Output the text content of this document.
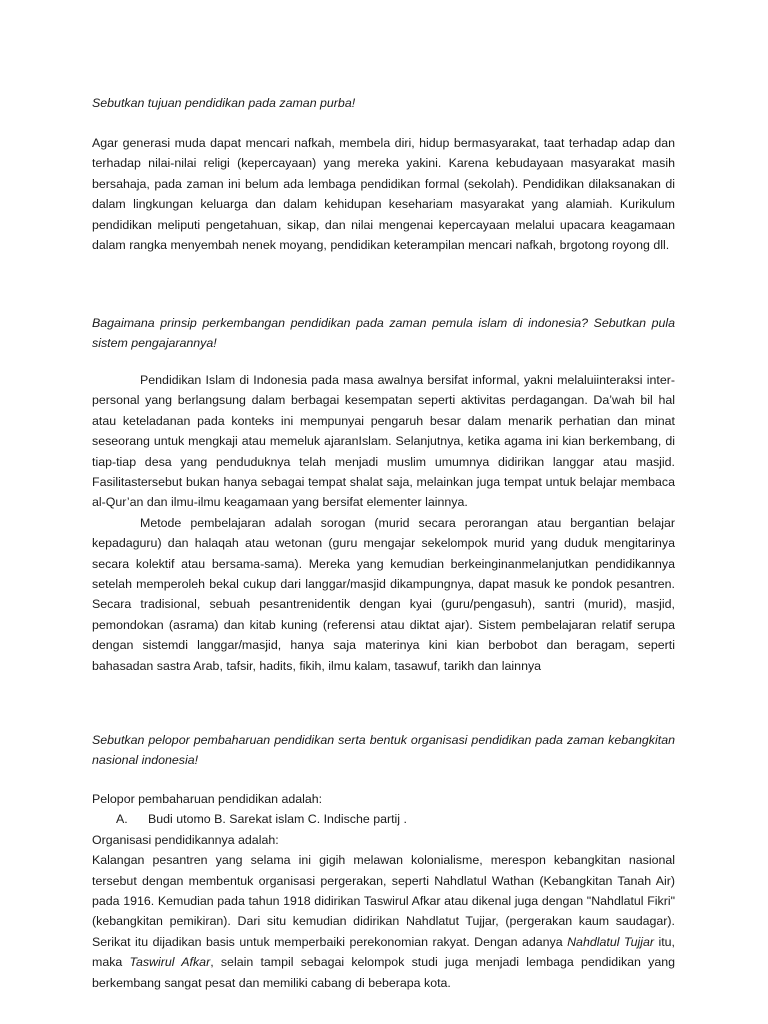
Sebutkan tujuan pendidikan pada zaman purba!

Agar generasi muda dapat mencari nafkah, membela diri, hidup bermasyarakat, taat terhadap adap dan terhadap nilai-nilai religi (kepercayaan) yang mereka yakini. Karena kebudayaan masyarakat masih bersahaja, pada zaman ini belum ada lembaga pendidikan formal (sekolah). Pendidikan dilaksanakan di dalam lingkungan keluarga dan dalam kehidupan kesehariam masyarakat yang alamiah. Kurikulum pendidikan meliputi pengetahuan, sikap, dan nilai mengenai kepercayaan melalui upacara keagamaan dalam rangka menyembah nenek moyang, pendidikan keterampilan mencari nafkah, brgotong royong dll.

Bagaimana prinsip perkembangan pendidikan pada zaman pemula islam di indonesia? Sebutkan pula sistem pengajarannya!

Pendidikan Islam di Indonesia pada masa awalnya bersifat informal, yakni melaluiinteraksi inter-personal yang berlangsung dalam berbagai kesempatan seperti aktivitas perdagangan. Da’wah bil hal atau keteladanan pada konteks ini mempunyai pengaruh besar dalam menarik perhatian dan minat seseorang untuk mengkaji atau memeluk ajaranIslam. Selanjutnya, ketika agama ini kian berkembang, di tiap-tiap desa yang penduduknya telah menjadi muslim umumnya didirikan langgar atau masjid. Fasilitastersebut bukan hanya sebagai tempat shalat saja, melainkan juga tempat untuk belajar membaca al-Qur’an dan ilmu-ilmu keagamaan yang bersifat elementer lainnya.

Metode pembelajaran adalah sorogan (murid secara perorangan atau bergantian belajar kepadaguru) dan halaqah atau wetonan (guru mengajar sekelompok murid yang duduk mengitarinya secara kolektif atau bersama-sama). Mereka yang kemudian berkeinginanmelanjutkan pendidikannya setelah memperoleh bekal cukup dari langgar/masjid dikampungnya, dapat masuk ke pondok pesantren. Secara tradisional, sebuah pesantrenidentik dengan kyai (guru/pengasuh), santri (murid), masjid, pemondokan (asrama) dan kitab kuning (referensi atau diktat ajar). Sistem pembelajaran relatif serupa dengan sistemdi langgar/masjid, hanya saja materinya kini kian berbobot dan beragam, seperti bahasadan sastra Arab, tafsir, hadits, fikih, ilmu kalam, tasawuf, tarikh dan lainnya

Sebutkan pelopor pembaharuan pendidikan serta bentuk organisasi pendidikan pada zaman kebangkitan nasional indonesia!

Pelopor pembaharuan pendidikan adalah:

A.	Budi utomo B. Sarekat islam C. Indische partij .

Organisasi pendidikannya adalah:

Kalangan pesantren yang selama ini gigih melawan kolonialisme, merespon kebangkitan nasional tersebut dengan membentuk organisasi pergerakan, seperti Nahdlatul Wathan (Kebangkitan Tanah Air) pada 1916. Kemudian pada tahun 1918 didirikan Taswirul Afkar atau dikenal juga dengan "Nahdlatul Fikri" (kebangkitan pemikiran). Dari situ kemudian didirikan Nahdlatut Tujjar, (pergerakan kaum saudagar). Serikat itu dijadikan basis untuk memperbaiki perekonomian rakyat. Dengan adanya Nahdlatul Tujjar itu, maka Taswirul Afkar, selain tampil sebagai kelompok studi juga menjadi lembaga pendidikan yang berkembang sangat pesat dan memiliki cabang di beberapa kota.
